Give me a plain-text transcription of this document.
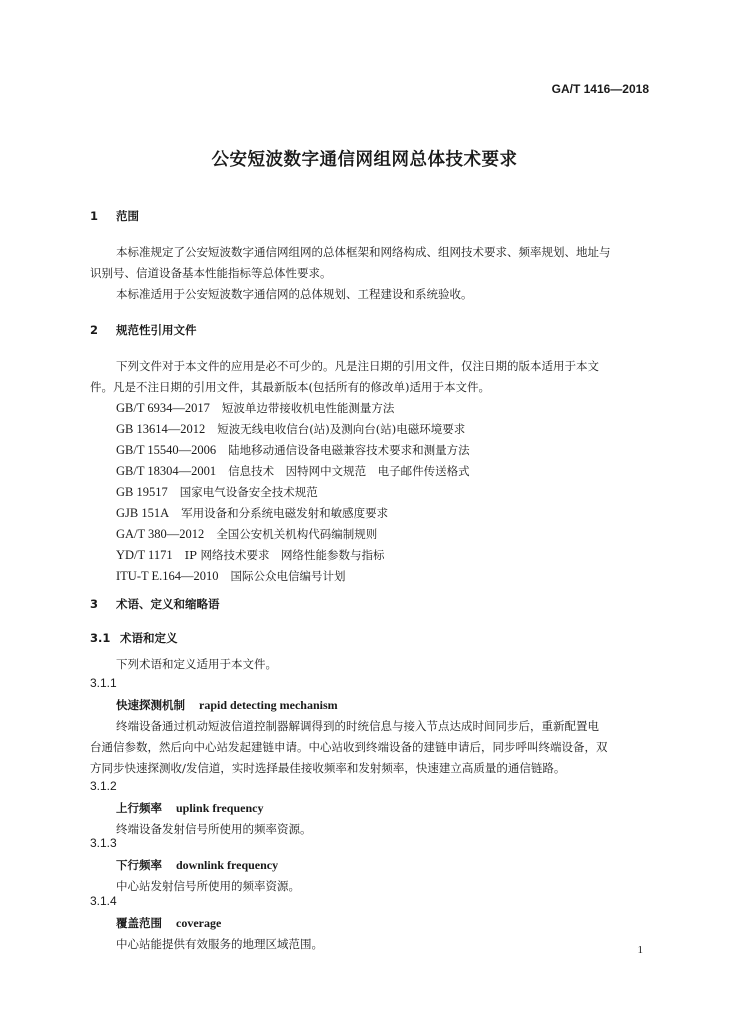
GA/T 1416—2018
公安短波数字通信网组网总体技术要求
1 范围
本标准规定了公安短波数字通信网组网的总体框架和网络构成、组网技术要求、频率规划、地址与
识别号、信道设备基本性能指标等总体性要求。
本标准适用于公安短波数字通信网的总体规划、工程建设和系统验收。
2 规范性引用文件
下列文件对于本文件的应用是必不可少的。凡是注日期的引用文件，仅注日期的版本适用于本文
件。凡是不注日期的引用文件，其最新版本(包括所有的修改单)适用于本文件。
GB/T 6934—2017 短波单边带接收机电性能测量方法
GB 13614—2012 短波无线电收信台(站)及测向台(站)电磁环境要求
GB/T 15540—2006 陆地移动通信设备电磁兼容技术要求和测量方法
GB/T 18304—2001 信息技术　因特网中文规范　电子邮件传送格式
GB 19517 国家电气设备安全技术规范
GJB 151A 军用设备和分系统电磁发射和敏感度要求
GA/T 380—2012 全国公安机关机构代码编制规则
YD/T 1171 IP 网络技术要求　网络性能参数与指标
ITU-T E.164—2010 国际公众电信编号计划
3 术语、定义和缩略语
3.1 术语和定义
下列术语和定义适用于本文件。
3.1.1
快速探测机制 rapid detecting mechanism
终端设备通过机动短波信道控制器解调得到的时统信息与接入节点达成时间同步后，重新配置电
台通信参数，然后向中心站发起建链申请。中心站收到终端设备的建链申请后，同步呼叫终端设备，双
方同步快速探测收/发信道，实时选择最佳接收频率和发射频率，快速建立高质量的通信链路。
3.1.2
上行频率 uplink frequency
终端设备发射信号所使用的频率资源。
3.1.3
下行频率 downlink frequency
中心站发射信号所使用的频率资源。
3.1.4
覆盖范围 coverage
中心站能提供有效服务的地理区域范围。	1
